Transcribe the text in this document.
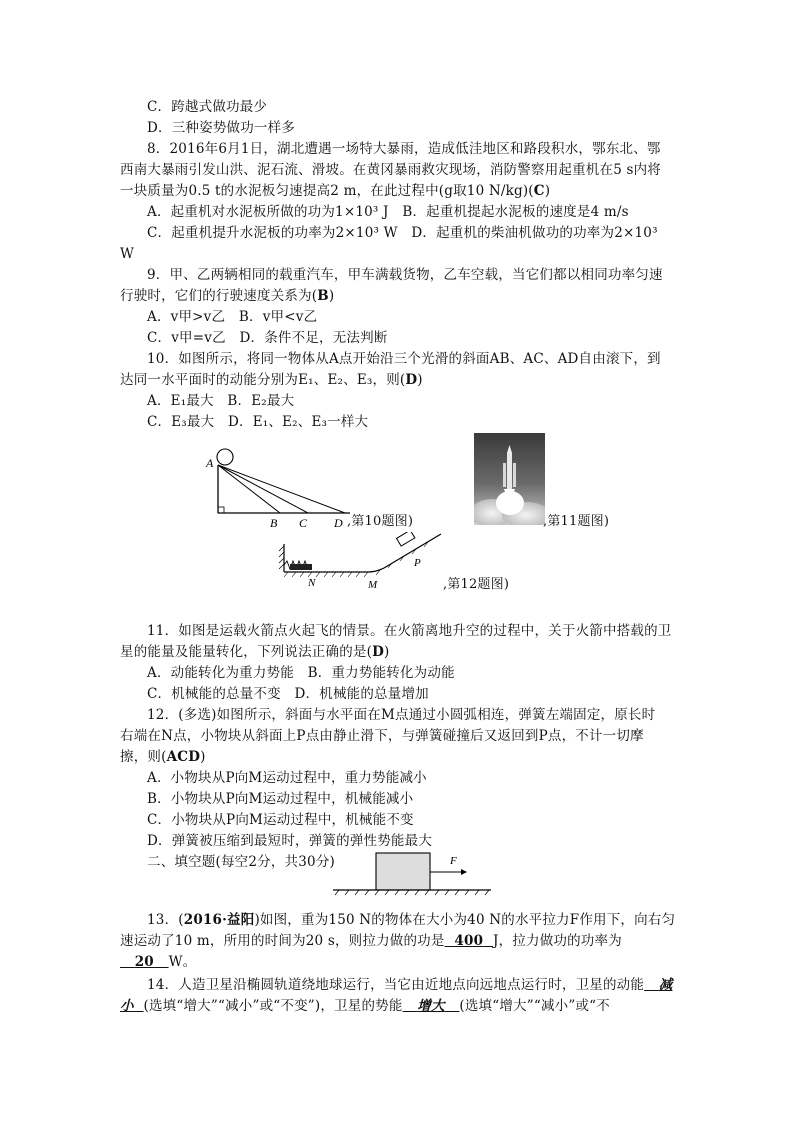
C．跨越式做功最少
D．三种姿势做功一样多
8．2016年6月1日，湖北遭遇一场特大暴雨，造成低洼地区和路段积水，鄂东北、鄂
西南大暴雨引发山洪、泥石流、滑坡。在黄冈暴雨救灾现场，消防警察用起重机在5 s内将
一块质量为0.5 t的水泥板匀速提高2 m，在此过程中(g取10 N/kg)(C)
A．起重机对水泥板所做的功为1×10³ J　B．起重机提起水泥板的速度是4 m/s
C．起重机提升水泥板的功率为2×10³ W　D．起重机的柴油机做功的功率为2×10³
W
9．甲、乙两辆相同的载重汽车，甲车满载货物，乙车空载，当它们都以相同功率匀速
行驶时，它们的行驶速度关系为(B)
A．v甲>v乙　B．v甲<v乙
C．v甲=v乙　D．条件不足，无法判断
10．如图所示，将同一物体从A点开始沿三个光滑的斜面AB、AC、AD自由滚下，到
达同一水平面时的动能分别为E₁、E₂、E₃，则(D)
A．E₁最大　B．E₂最大
C．E₃最大　D．E₁、E₂、E₃一样大
11．如图是运载火箭点火起飞的情景。在火箭离地升空的过程中，关于火箭中搭载的卫
星的能量及能量转化，下列说法正确的是(D)
A．动能转化为重力势能　B．重力势能转化为动能
C．机械能的总量不变　D．机械能的总量增加
12．(多选)如图所示，斜面与水平面在M点通过小圆弧相连，弹簧左端固定，原长时
右端在N点，小物块从斜面上P点由静止滑下，与弹簧碰撞后又返回到P点，不计一切摩
擦，则(ACD)
A．小物块从P向M运动过程中，重力势能减小
B．小物块从P向M运动过程中，机械能减小
C．小物块从P向M运动过程中，机械能不变
D．弹簧被压缩到最短时，弹簧的弹性势能最大
二、填空题(每空2分，共30分)
A
B C D ,第10题图)	,第11题图)
N	M
P
,第12题图)
F
13．(2016·益阳)如图，重为150 N的物体在大小为40 N的水平拉力F作用下，向右匀
速运动了10 m，所用的时间为20 s，则拉力做的功是 400 J，拉力做功的功率为
20 W。
14．人造卫星沿椭圆轨道绕地球运行，当它由近地点向远地点运行时，卫星的动能 减
小 (选填“增大”“减小”或“不变”)，卫星的势能 增大 (选填“增大”“减小”或“不
